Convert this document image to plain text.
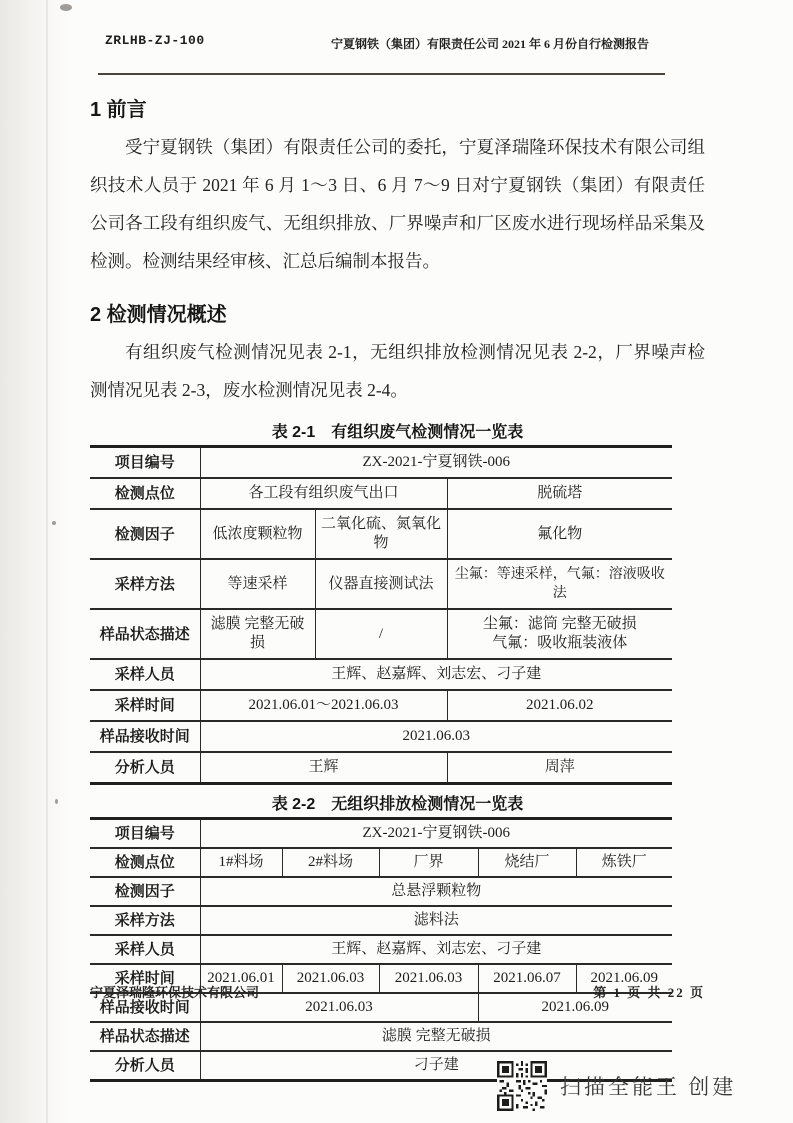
ZRLHB-ZJ-100	宁夏钢铁（集团）有限责任公司 2021 年 6 月份自行检测报告
1 前言

受宁夏钢铁（集团）有限责任公司的委托，宁夏泽瑞隆环保技术有限公司组织技术人员于 2021 年 6 月 1～3 日、6 月 7～9 日对宁夏钢铁（集团）有限责任公司各工段有组织废气、无组织排放、厂界噪声和厂区废水进行现场样品采集及检测。检测结果经审核、汇总后编制本报告。

2 检测情况概述

有组织废气检测情况见表 2-1，无组织排放检测情况见表 2-2，厂界噪声检测情况见表 2-3，废水检测情况见表 2-4。

表 2-1　有组织废气检测情况一览表
项目编号	ZX-2021-宁夏钢铁-006		
检测点位	各工段有组织废气出口		脱硫塔
检测因子	低浓度颗粒物	二氧化硫、氮氧化物	氟化物
采样方法	等速采样	仪器直接测试法	尘氟：等速采样，气氟：溶液吸收法
样品状态描述	滤膜 完整无破损	/	尘氟：滤筒 完整无破损
气氟：吸收瓶装液体

采样人员	王辉、赵嘉辉、刘志宏、刁子建		
采样时间	2021.06.01～2021.06.03		2021.06.02
样品接收时间	2021.06.03		
分析人员	王辉		周萍
表 2-2　无组织排放检测情况一览表
项目编号	ZX-2021-宁夏钢铁-006				
检测点位	1#料场	2#料场	厂界	烧结厂	炼铁厂
检测因子	总悬浮颗粒物				
采样方法	滤料法				
采样人员	王辉、赵嘉辉、刘志宏、刁子建				
采样时间	2021.06.01	2021.06.03	2021.06.03	2021.06.07	2021.06.09
样品接收时间	2021.06.03			2021.06.09	
样品状态描述	滤膜 完整无破损				
分析人员	刁子建				
宁夏泽瑞隆环保技术有限公司	第 1 页 共 22 页
扫描全能王 创建
